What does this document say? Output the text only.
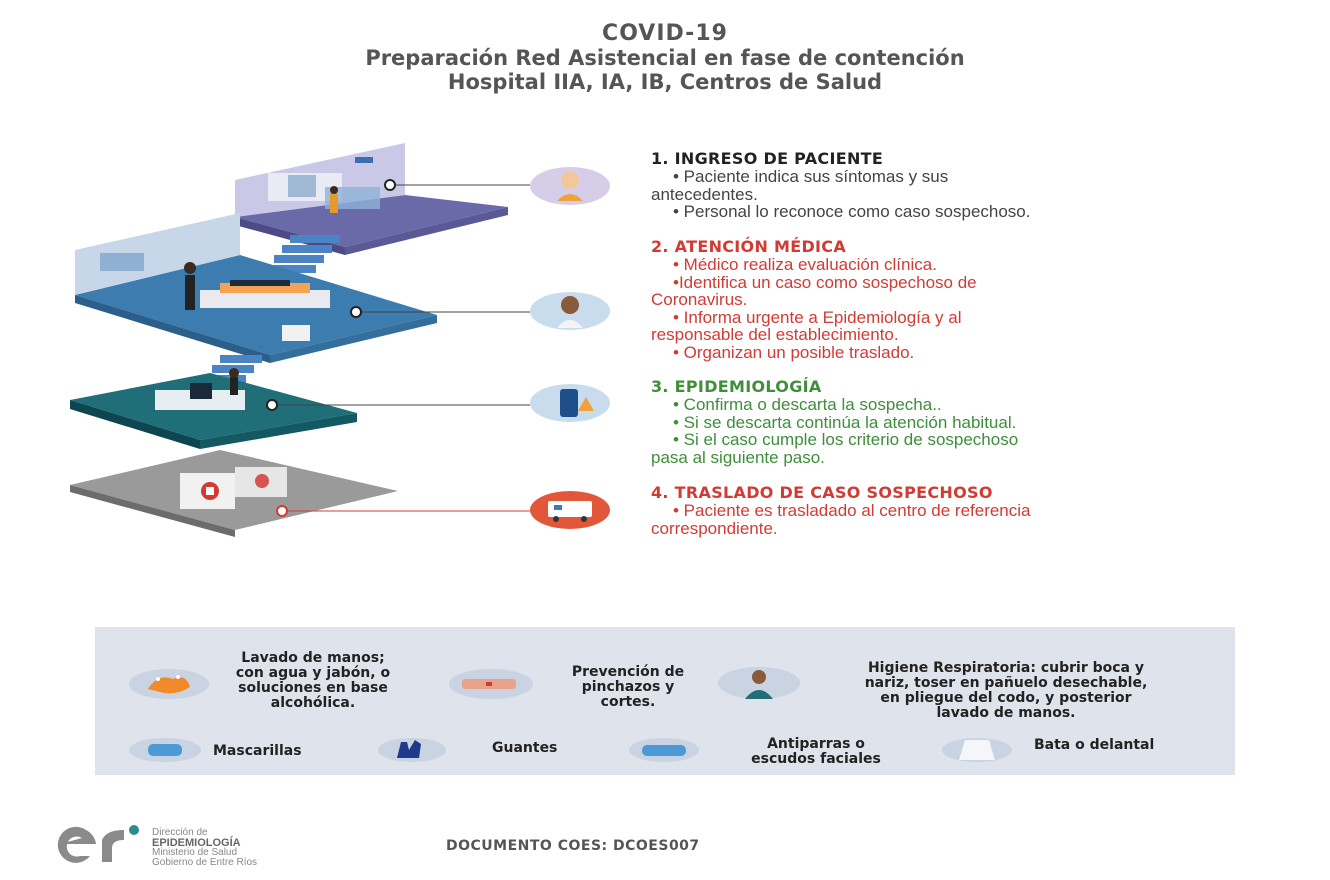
COVID-19
Preparación Red Asistencial en fase de contención
Hospital IIA, IA, IB, Centros de Salud
1. INGRESO DE PACIENTE
• Paciente indica sus síntomas y sus
antecedentes.
• Personal lo reconoce como caso sospechoso.
2. ATENCIÓN MÉDICA
• Médico realiza evaluación clínica.
•Identifica un caso como sospechoso de
Coronavirus.
• Informa urgente a Epidemiología y al
responsable del establecimiento.
• Organizan un posible traslado.
3. EPIDEMIOLOGÍA
• Confirma o descarta la sospecha..
• Si se descarta continúa la atención habitual.
• Si el caso cumple los criterio de sospechoso
pasa al siguiente paso.
4. TRASLADO DE CASO SOSPECHOSO
• Paciente es trasladado al centro de referencia
correspondiente.
Lavado de manos;
con agua y jabón, o
soluciones en base
alcohólica.
Prevención de
pinchazos y
cortes.
Higiene Respiratoria: cubrir boca y
nariz, toser en pañuelo desechable,
en pliegue del codo, y posterior
lavado de manos.
Mascarillas	Guantes	Antiparras o
escudos faciales
Bata o delantal
Dirección de
EPIDEMIOLOGÍA
Ministerio de Salud
Gobierno de Entre Ríos
DOCUMENTO COES: DCOES007
